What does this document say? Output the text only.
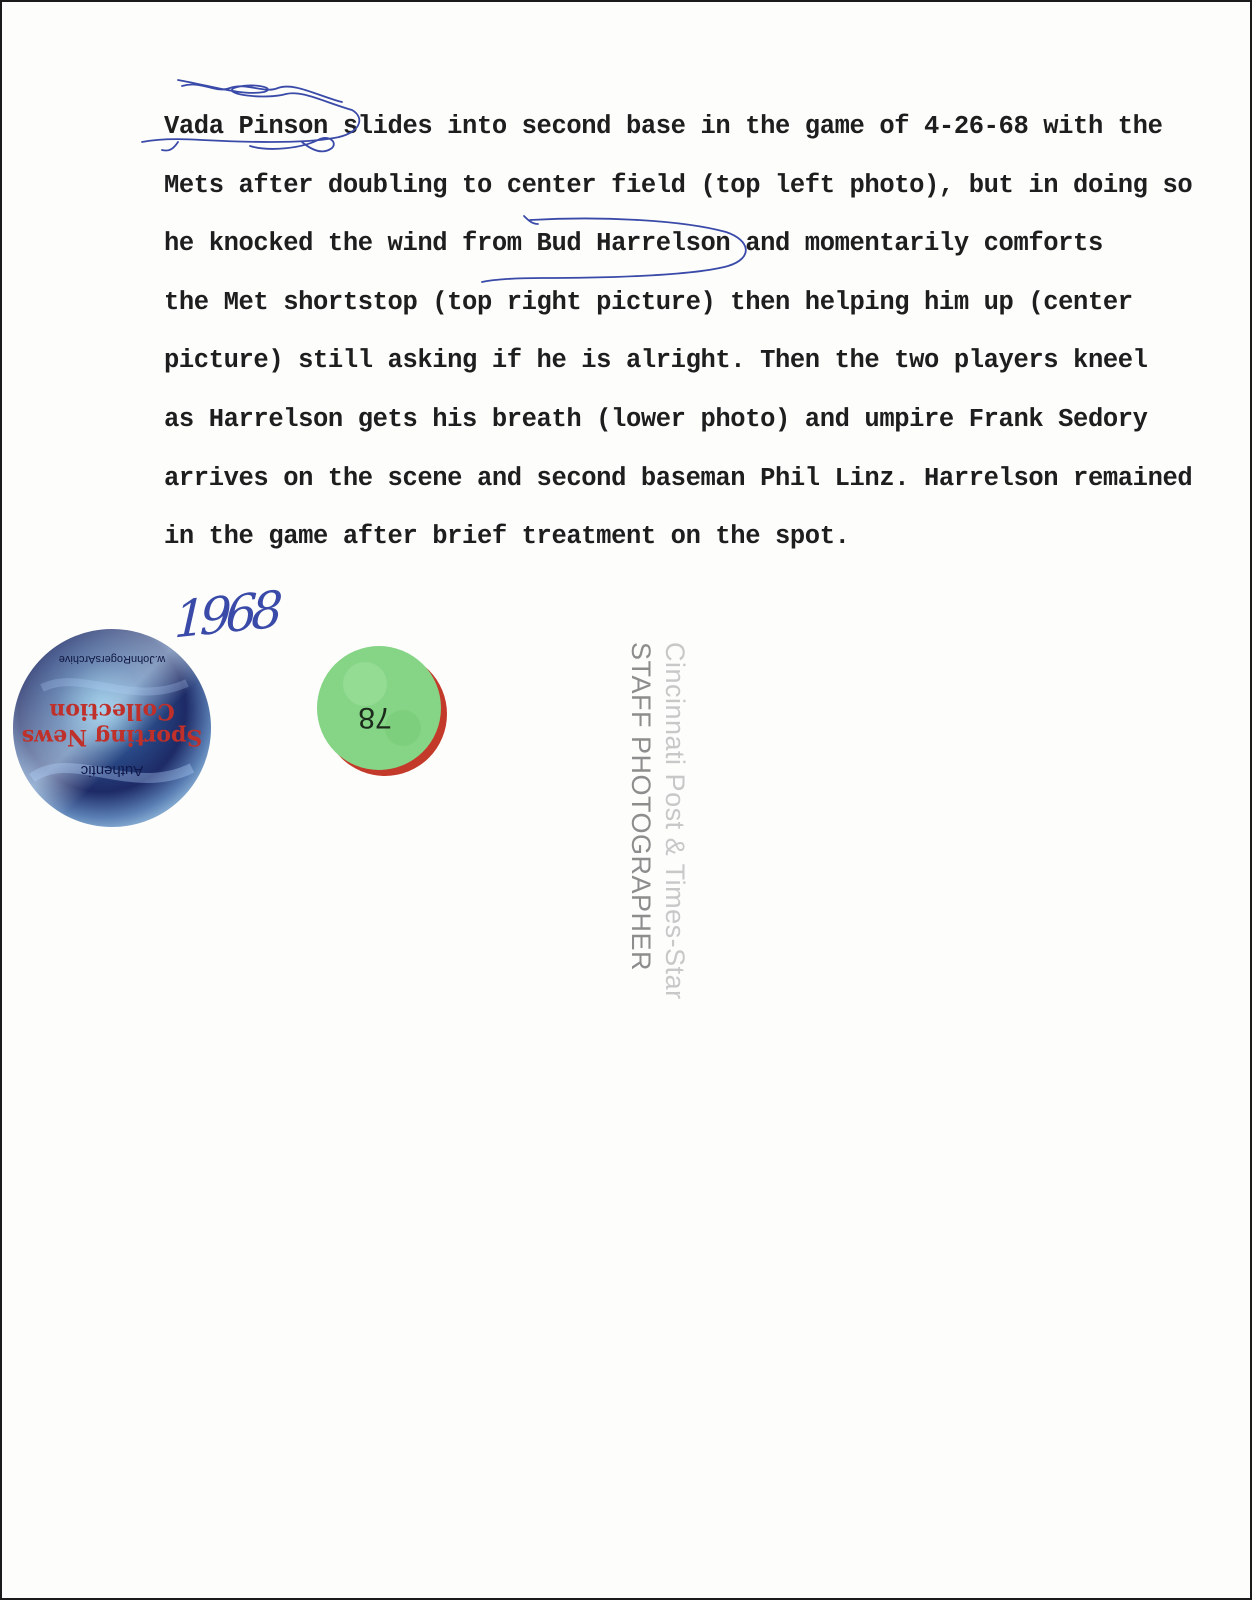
Vada Pinson slides into second base in the game of 4-26-68 with the
Mets after doubling to center field (top left photo), but in doing so
he knocked the wind from Bud Harrelson and momentarily comforts
the Met shortstop (top right picture) then helping him up (center
picture) still asking if he is alright. Then the two players kneel
as Harrelson gets his breath (lower photo) and umpire Frank Sedory
arrives on the scene and second baseman Phil Linz. Harrelson remained
in the game after brief treatment on the spot.
1968
Authentic
Sporting News
Collection
w.JohnRogersArchive
78	Cincinnati Post & Times-Star
STAFF PHOTOGRAPHER
